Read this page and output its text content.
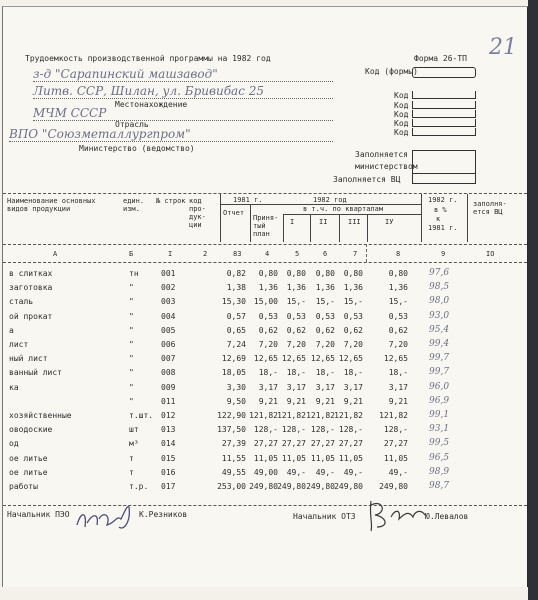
Трудоемкость производственной программы на 1982 год	Форма 26-ТП 21
Код (формы)
з-д "Сарапинский машзавод"
Литв. ССР, Шилан, ул. Бривибас 25
Местонахождение
МЧМ СССР
Отрасль
ВПО "Союзметаллургпром"
Министерство (ведомство)
Код
Код
Код
Код
Код
Заполняется
министерством
Заполняется ВЦ
Наименование основных видов продукции
един. изм.
№ строк код про- дук- ции
1981 г.
Отчет
1982 год
Приня- тый план
в т.ч. по кварталам
I	II	III	IУ
1982 г.
в %
к
1981 г.
заполня- ется ВЦ
А	Б	I	2	83	4	5	6	7	8	9	IO
в слитках	тн	001	0,82	0,80	0,80	0,80	0,80	0,80 97,6
заготовка	"	002	1,38	1,36	1,36	1,36	1,36	1,36 98,5
сталь	"	003	15,30 15,00	15,-	15,-	15,-	15,- 98,0
ой прокат	"	004	0,57	0,53	0,53	0,53	0,53	0,53 93,0
а	"	005	0,65	0,62	0,62	0,62	0,62	0,62 95,4
лист	"	006	7,24	7,20	7,20	7,20	7,20	7,20 99,4
ный лист	"	007	12,69 12,65 12,65 12,65 12,65	12,65 99,7
ванный лист	"	008	18,05	18,-	18,-	18,-	18,-	18,- 99,7
ка	"	009	3,30	3,17	3,17	3,17	3,17	3,17 96,0
"	011	9,50	9,21	9,21	9,21	9,21	9,21 96,9
хозяйственные	т.шт. 012	122,90 121,82 121,82 121,82 121,82	121,82 99,1
оводоские	шт	013	137,50 128,- 128,- 128,- 128,-	128,- 93,1
од	м³	014	27,39 27,27 27,27 27,27 27,27	27,27 99,5
ое литье	т	015	11,55 11,05 11,05 11,05 11,05	11,05 96,5
ое литье	т	016	49,55 49,00	49,-	49,-	49,-	49,- 98,9
работы	т.р. 017	253,00 249,80 249,80 249,80 249,80	249,80 98,7
Начальник ПЭО	К.Резников	Начальник ОТЗ	Ю.Левалов
